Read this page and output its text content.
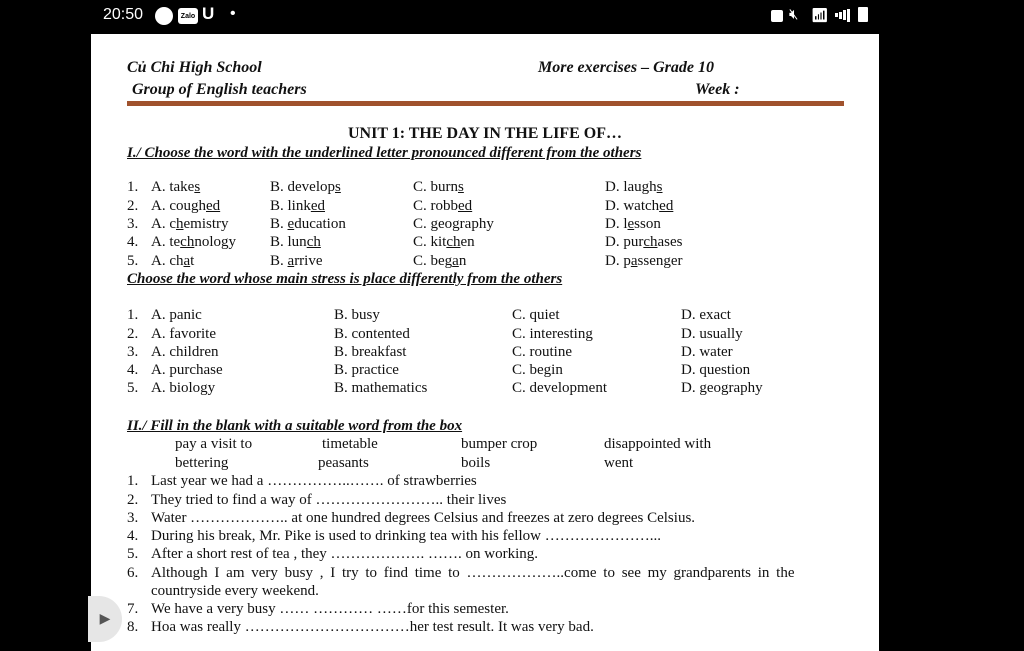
20:50	Zalo U •	🔇︎ 📶︎
Củ Chi High School
Group of English teachers
More exercises – Grade 10
Week :
UNIT 1: THE DAY IN THE LIFE OF…
I./ Choose the word with the underlined letter pronounced different from the others
1. A. takes	B. develops	C. burns	D. laughs
2. A. coughed	B. linked	C. robbed	D. watched
3. A. chemistry	B. education	C. geography	D. lesson
4. A. technology B. lunch	C. kitchen	D. purchases
5. A. chat	B. arrive	C. began	D. passenger
Choose the word whose main stress is place differently from the others
1. A. panic	B. busy	C. quiet	D. exact
2. A. favorite	B. contented	C. interesting	D. usually
3. A. children	B. breakfast	C. routine	D. water
4. A. purchase	B. practice	C. begin	D. question
5. A. biology	B. mathematics	C. development	D. geography
II./ Fill in the blank with a suitable word from the box
pay a visit to	timetable	bumper crop	disappointed with
bettering	peasants	boils	went
1. Last year we had a ……………..……. of strawberries
2. They tried to find a way of …………………….. their lives
3. Water ……………….. at one hundred degrees Celsius and freezes at zero degrees Celsius.
4. During his break, Mr. Pike is used to drinking tea with his fellow …………………...
5. After a short rest of tea , they ………………. ……. on working.
6. Although I am very busy , I try to find time to ………………..come to see my grandparents in the
countryside every weekend.
7. We have a very busy …… ………… ……for this semester.
8. Hoa was really ……………………………her test result. It was very bad.
▶
